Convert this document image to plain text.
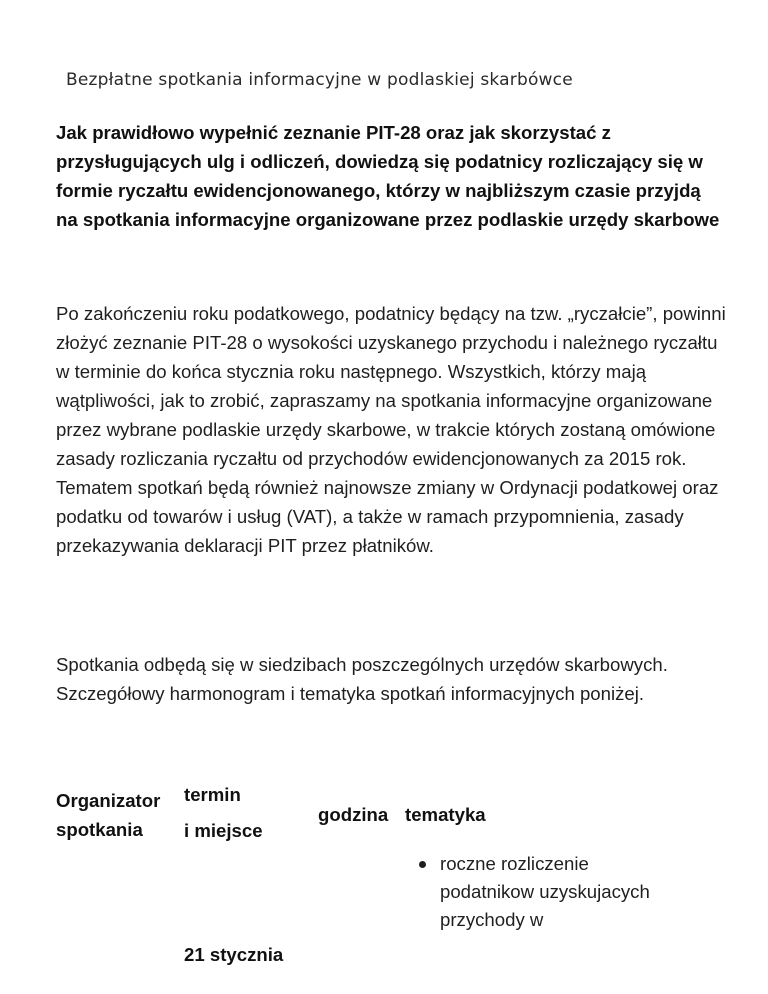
Bezpłatne spotkania informacyjne w podlaskiej skarbówce

Jak prawidłowo wypełnić zeznanie PIT-28 oraz jak skorzystać z przysługujących ulg i odliczeń, dowiedzą się podatnicy rozliczający się w formie ryczałtu ewidencjonowanego, którzy w najbliższym czasie przyjdą na spotkania informacyjne organizowane przez podlaskie urzędy skarbowe

Po zakończeniu roku podatkowego, podatnicy będący na tzw. „ryczałcie”, powinni złożyć zeznanie PIT-28 o wysokości uzyskanego przychodu i należnego ryczałtu w terminie do końca stycznia roku następnego. Wszystkich, którzy mają wątpliwości, jak to zrobić, zapraszamy na spotkania informacyjne organizowane przez wybrane podlaskie urzędy skarbowe, w trakcie których zostaną omówione zasady rozliczania ryczałtu od przychodów ewidencjonowanych za 2015 rok. Tematem spotkań będą również najnowsze zmiany w Ordynacji podatkowej oraz podatku od towarów i usług (VAT), a także w ramach przypomnienia, zasady przekazywania deklaracji PIT przez płatników.

Spotkania odbędą się w siedzibach poszczególnych urzędów skarbowych. Szczegółowy harmonogram i tematyka spotkań informacyjnych poniżej.

Organizator spotkania
termin
i miejsce
godzina tematyka
21 stycznia
roczne rozliczenie podatnikow uzyskujacych przychody w
